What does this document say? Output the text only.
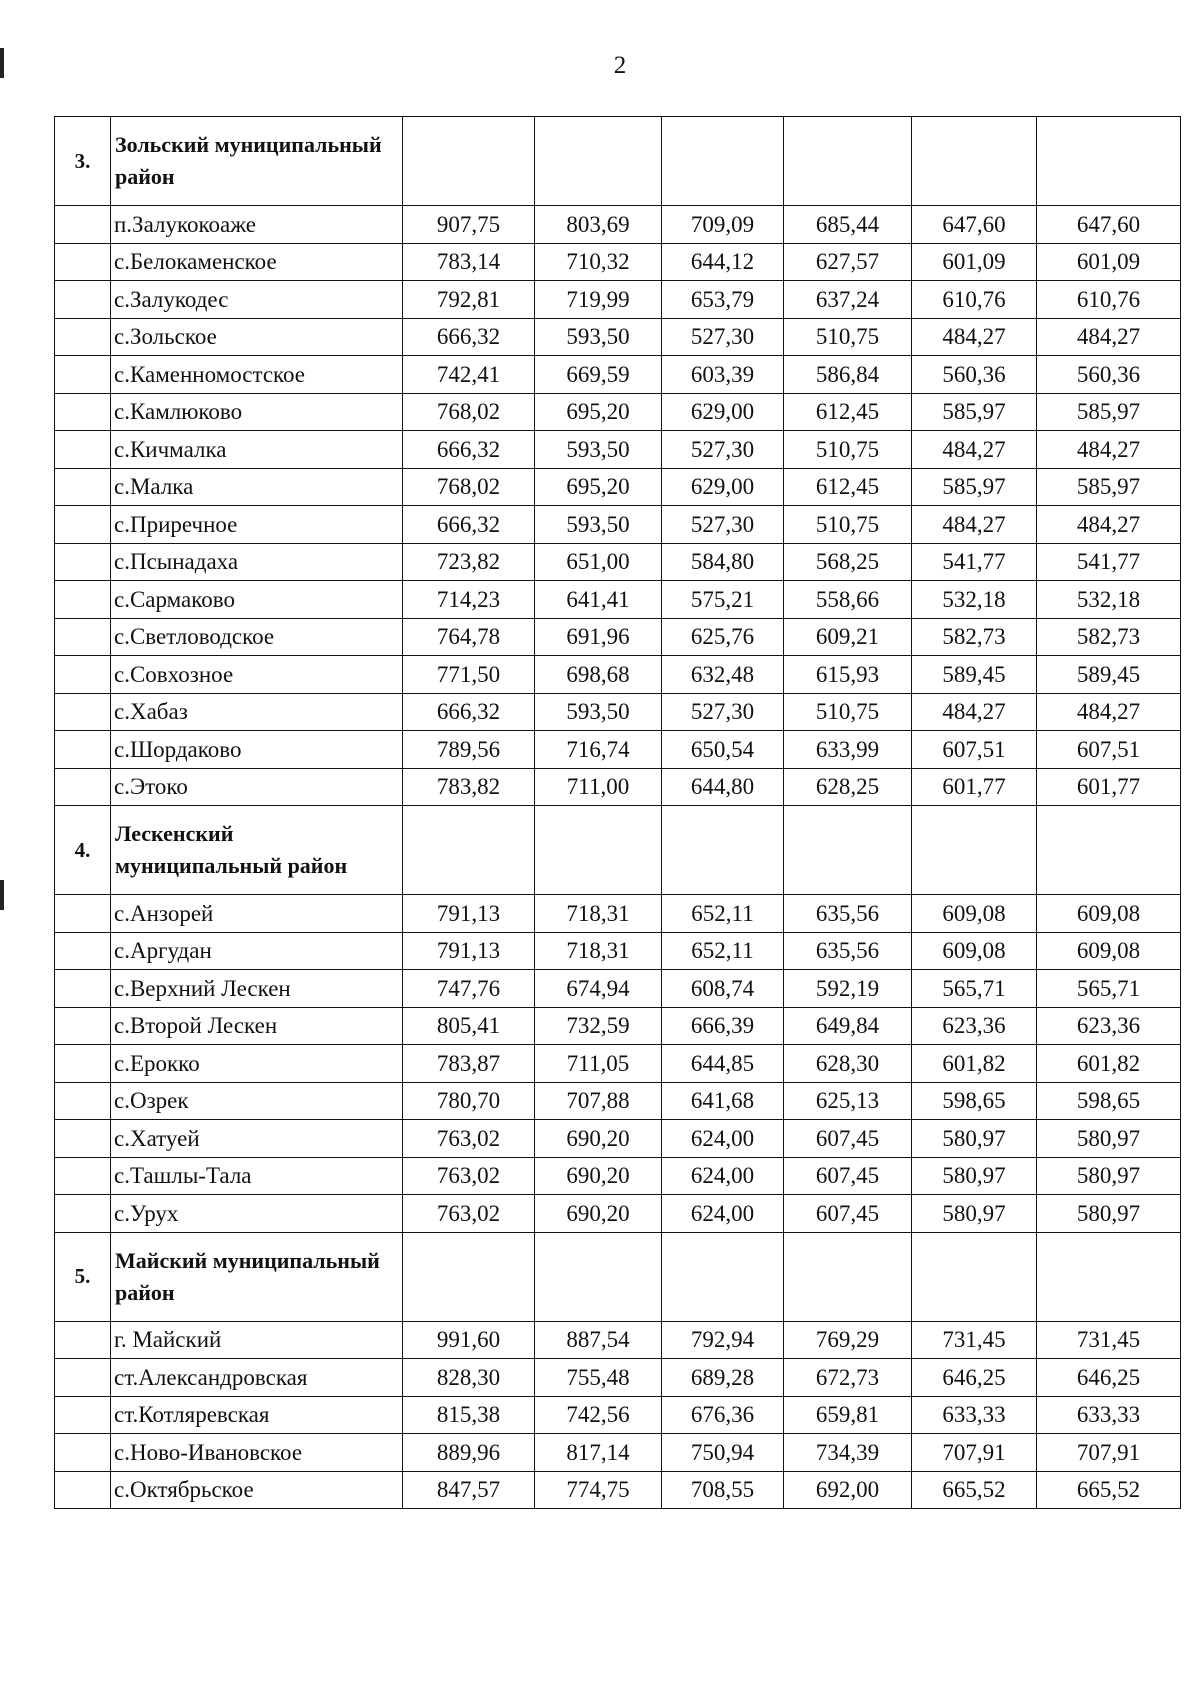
2
3.	Зольский муниципальный район						
	п.Залукокоаже	907,75	803,69	709,09	685,44	647,60	647,60
	с.Белокаменское	783,14	710,32	644,12	627,57	601,09	601,09
	с.Залукодес	792,81	719,99	653,79	637,24	610,76	610,76
	с.Зольское	666,32	593,50	527,30	510,75	484,27	484,27
	с.Каменномостское	742,41	669,59	603,39	586,84	560,36	560,36
	с.Камлюково	768,02	695,20	629,00	612,45	585,97	585,97
	с.Кичмалка	666,32	593,50	527,30	510,75	484,27	484,27
	с.Малка	768,02	695,20	629,00	612,45	585,97	585,97
	с.Приречное	666,32	593,50	527,30	510,75	484,27	484,27
	с.Псынадаха	723,82	651,00	584,80	568,25	541,77	541,77
	с.Сармаково	714,23	641,41	575,21	558,66	532,18	532,18
	с.Светловодское	764,78	691,96	625,76	609,21	582,73	582,73
	с.Совхозное	771,50	698,68	632,48	615,93	589,45	589,45
	с.Хабаз	666,32	593,50	527,30	510,75	484,27	484,27
	с.Шордаково	789,56	716,74	650,54	633,99	607,51	607,51
	с.Этоко	783,82	711,00	644,80	628,25	601,77	601,77
4.	Лескенский муниципальный район						
	с.Анзорей	791,13	718,31	652,11	635,56	609,08	609,08
	с.Аргудан	791,13	718,31	652,11	635,56	609,08	609,08
	с.Верхний Лескен	747,76	674,94	608,74	592,19	565,71	565,71
	с.Второй Лескен	805,41	732,59	666,39	649,84	623,36	623,36
	с.Ерокко	783,87	711,05	644,85	628,30	601,82	601,82
	с.Озрек	780,70	707,88	641,68	625,13	598,65	598,65
	с.Хатуей	763,02	690,20	624,00	607,45	580,97	580,97
	с.Ташлы-Тала	763,02	690,20	624,00	607,45	580,97	580,97
	с.Урух	763,02	690,20	624,00	607,45	580,97	580,97
5.	Майский муниципальный район						
	г. Майский	991,60	887,54	792,94	769,29	731,45	731,45
	ст.Александровская	828,30	755,48	689,28	672,73	646,25	646,25
	ст.Котляревская	815,38	742,56	676,36	659,81	633,33	633,33
	с.Ново-Ивановское	889,96	817,14	750,94	734,39	707,91	707,91
	с.Октябрьское	847,57	774,75	708,55	692,00	665,52	665,52
